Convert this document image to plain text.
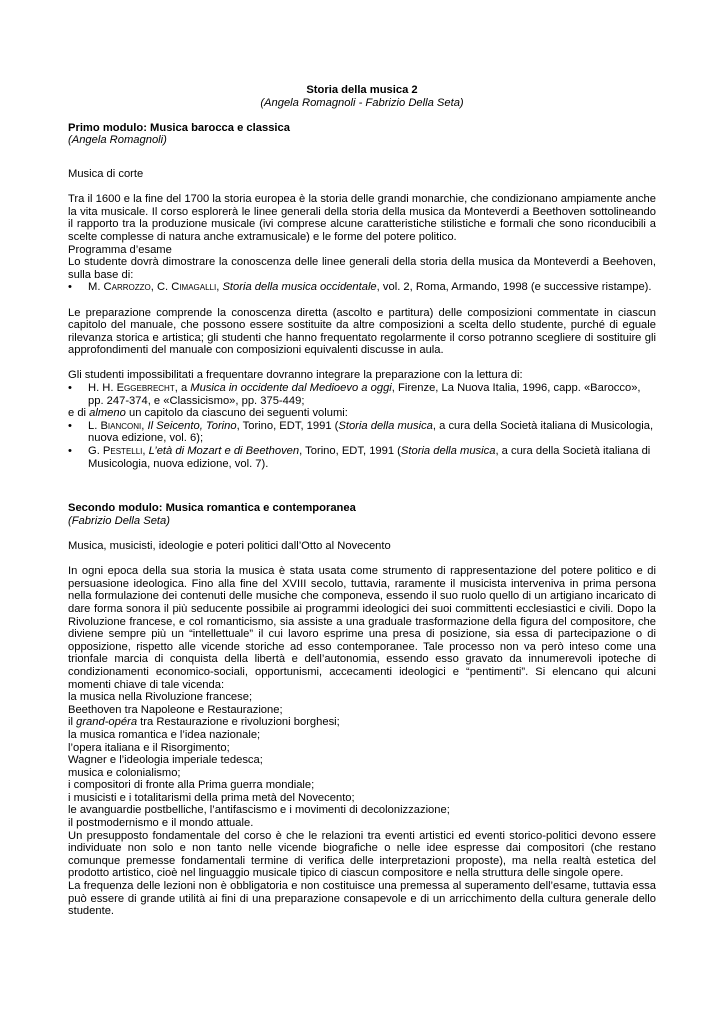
Storia della musica 2

(Angela Romagnoli - Fabrizio Della Seta)

Primo modulo: Musica barocca e classica

(Angela Romagnoli)

Musica di corte

Tra il 1600 e la fine del 1700 la storia europea è la storia delle grandi monarchie, che condizionano ampiamente anche la vita musicale. Il corso esplorerà le linee generali della storia della musica da Monteverdi a Beethoven sottolineando il rapporto tra la produzione musicale (ivi comprese alcune caratteristiche stilistiche e formali che sono riconducibili a scelte complesse di natura anche extramusicale) e le forme del potere politico.

Programma d’esame

Lo studente dovrà dimostrare la conoscenza delle linee generali della storia della musica da Monteverdi a Beehoven, sulla base di:

•	M. Carrozzo, C. Cimagalli, Storia della musica occidentale, vol. 2, Roma, Armando, 1998 (e successive ristampe).

Le preparazione comprende la conoscenza diretta (ascolto e partitura) delle composizioni commentate in ciascun capitolo del manuale, che possono essere sostituite da altre composizioni a scelta dello studente, purché di eguale rilevanza storica e artistica; gli studenti che hanno frequentato regolarmente il corso potranno scegliere di sostituire gli approfondimenti del manuale con composizioni equivalenti discusse in aula.

Gli studenti impossibilitati a frequentare dovranno integrare la preparazione con la lettura di:

•	H. H. Eggebrecht, a Musica in occidente dal Medioevo a oggi, Firenze, La Nuova Italia, 1996, capp. «Barocco», pp. 247-374, e «Classicismo», pp. 375-449;

e di almeno un capitolo da ciascuno dei seguenti volumi:

•	L. Bianconi, Il Seicento, Torino, Torino, EDT, 1991 (Storia della musica, a cura della Società italiana di Musicologia, nuova edizione, vol. 6);
•	G. Pestelli, L’età di Mozart e di Beethoven, Torino, EDT, 1991 (Storia della musica, a cura della Società italiana di Musicologia, nuova edizione, vol. 7).

Secondo modulo: Musica romantica e contemporanea

(Fabrizio Della Seta)

Musica, musicisti, ideologie e poteri politici dall’Otto al Novecento

In ogni epoca della sua storia la musica è stata usata come strumento di rappresentazione del potere politico e di persuasione ideologica. Fino alla fine del XVIII secolo, tuttavia, raramente il musicista interveniva in prima persona nella formulazione dei contenuti delle musiche che componeva, essendo il suo ruolo quello di un artigiano incaricato di dare forma sonora il più seducente possibile ai programmi ideologici dei suoi committenti ecclesiastici e civili. Dopo la Rivoluzione francese, e col romanticismo, sia assiste a una graduale trasformazione della figura del compositore, che diviene sempre più un “intellettuale” il cui lavoro esprime una presa di posizione, sia essa di partecipazione o di opposizione, rispetto alle vicende storiche ad esso contemporanee. Tale processo non va però inteso come una trionfale marcia di conquista della libertà e dell’autonomia, essendo esso gravato da innumerevoli ipoteche di condizionamenti economico-sociali, opportunismi, accecamenti ideologici e “pentimenti”. Si elencano qui alcuni momenti chiave di tale vicenda:

la musica nella Rivoluzione francese;

Beethoven tra Napoleone e Restaurazione;

il grand-opéra tra Restaurazione e rivoluzioni borghesi;

la musica romantica e l’idea nazionale;

l’opera italiana e il Risorgimento;

Wagner e l’ideologia imperiale tedesca;

musica e colonialismo;

i compositori di fronte alla Prima guerra mondiale;

i musicisti e i totalitarismi della prima metà del Novecento;

le avanguardie postbelliche, l’antifascismo e i movimenti di decolonizzazione;

il postmodernismo e il mondo attuale.

Un presupposto fondamentale del corso è che le relazioni tra eventi artistici ed eventi storico-politici devono essere individuate non solo e non tanto nelle vicende biografiche o nelle idee espresse dai compositori (che restano comunque premesse fondamentali termine di verifica delle interpretazioni proposte), ma nella realtà estetica del prodotto artistico, cioè nel linguaggio musicale tipico di ciascun compositore e nella struttura delle singole opere.

La frequenza delle lezioni non è obbligatoria e non costituisce una premessa al superamento dell’esame, tuttavia essa può essere di grande utilità ai fini di una preparazione consapevole e di un arricchimento della cultura generale dello studente.
